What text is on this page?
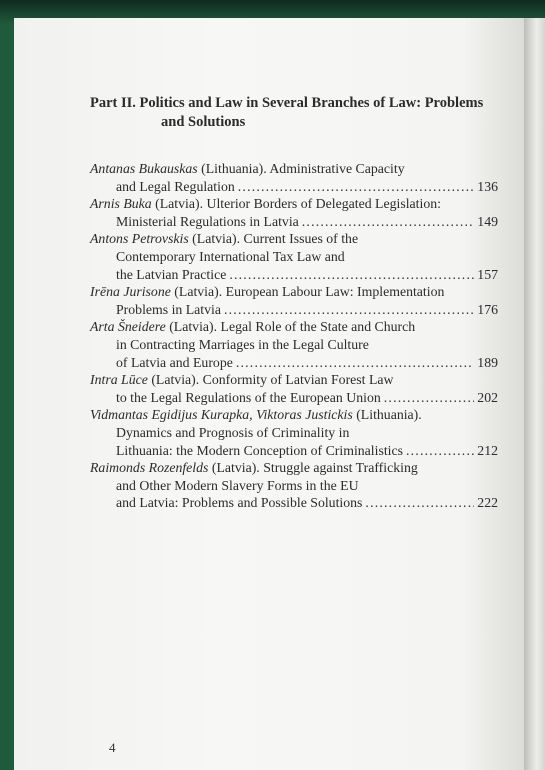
Part II. Politics and Law in Several Branches of Law: Problems
and Solutions
Antanas Bukauskas (Lithuania). Administrative Capacity
and Legal Regulation .....	136
Arnis Buka (Latvia). Ulterior Borders of Delegated Legislation:
Ministerial Regulations in Latvia .....	149
Antons Petrovskis (Latvia). Current Issues of the
Contemporary International Tax Law and
the Latvian Practice .....	157
Irēna Jurisone (Latvia). European Labour Law: Implementation
Problems in Latvia .....	176
Arta Šneidere (Latvia). Legal Role of the State and Church
in Contracting Marriages in the Legal Culture
of Latvia and Europe .....	189
Intra Lūce (Latvia). Conformity of Latvian Forest Law
to the Legal Regulations of the European Union .....	202
Vidmantas Egidijus Kurapka, Viktoras Justickis (Lithuania).
Dynamics and Prognosis of Criminality in
Lithuania: the Modern Conception of Criminalistics .....	212
Raimonds Rozenfelds (Latvia). Struggle against Trafficking
and Other Modern Slavery Forms in the EU
and Latvia: Problems and Possible Solutions .....	222
4
